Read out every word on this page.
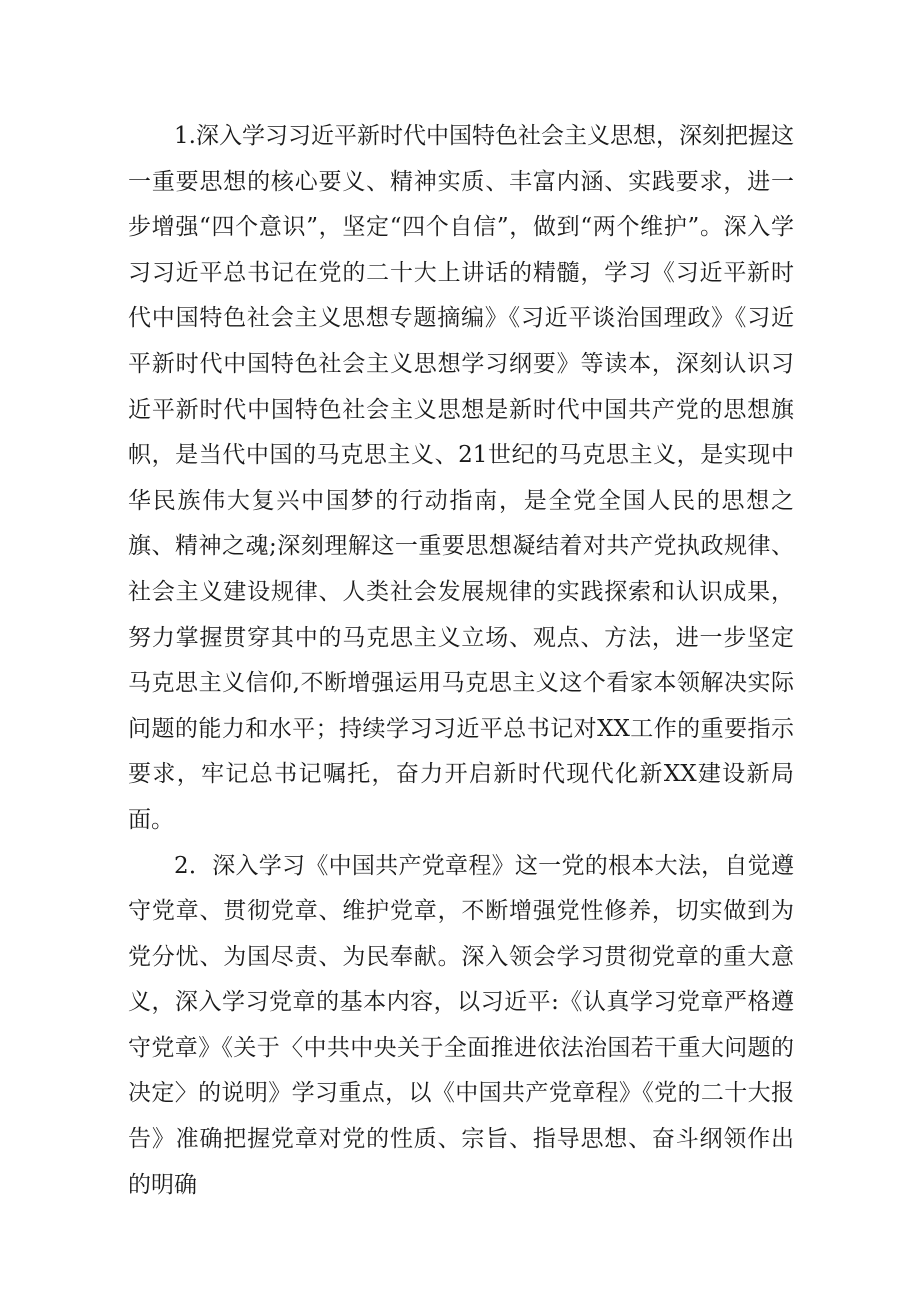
1.深入学习习近平新时代中国特色社会主义思想，深刻把握这一重要思想的核心要义、精神实质、丰富内涵、实践要求，进一步增强“四个意识”，坚定“四个自信”，做到“两个维护”。深入学习习近平总书记在党的二十大上讲话的精髓，学习《习近平新时代中国特色社会主义思想专题摘编》《习近平谈治国理政》《习近平新时代中国特色社会主义思想学习纲要》等读本，深刻认识习近平新时代中国特色社会主义思想是新时代中国共产党的思想旗帜，是当代中国的马克思主义、21世纪的马克思主义，是实现中华民族伟大复兴中国梦的行动指南，是全党全国人民的思想之旗、精神之魂;深刻理解这一重要思想凝结着对共产党执政规律、社会主义建设规律、人类社会发展规律的实践探索和认识成果，努力掌握贯穿其中的马克思主义立场、观点、方法，进一步坚定马克思主义信仰,不断增强运用马克思主义这个看家本领解决实际问题的能力和水平；持续学习习近平总书记对XX工作的重要指示要求，牢记总书记嘱托，奋力开启新时代现代化新XX建设新局面。

2．深入学习《中国共产党章程》这一党的根本大法，自觉遵守党章、贯彻党章、维护党章，不断增强党性修养，切实做到为党分忧、为国尽责、为民奉献。深入领会学习贯彻党章的重大意义，深入学习党章的基本内容，以习近平:《认真学习党章严格遵守党章》《关于〈中共中央关于全面推进依法治国若干重大问题的决定〉的说明》学习重点，以《中国共产党章程》《党的二十大报告》准确把握党章对党的性质、宗旨、指导思想、奋斗纲领作出的明确
